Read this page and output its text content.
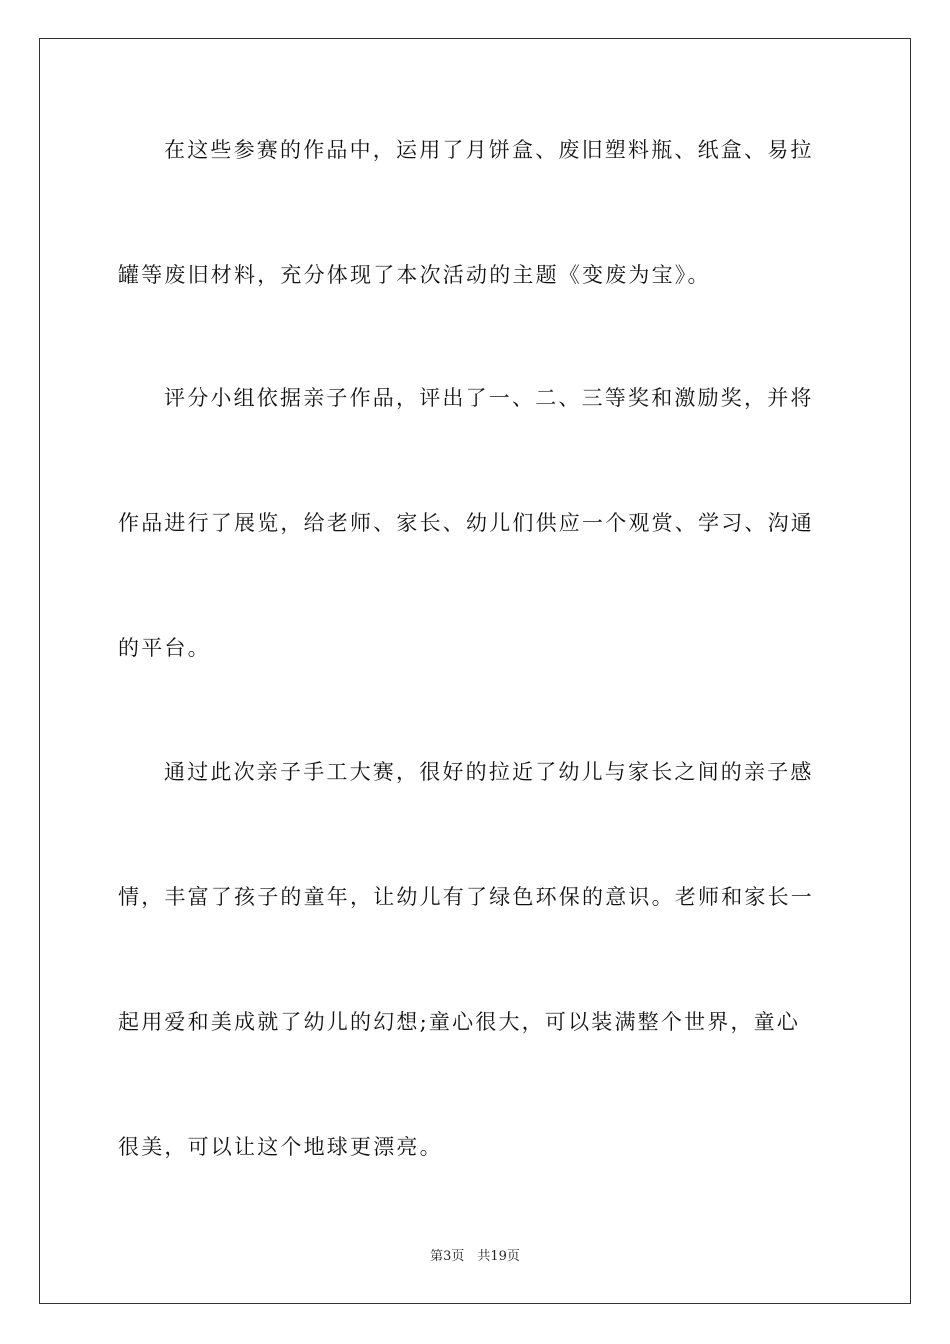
在这些参赛的作品中，运用了月饼盒、废旧塑料瓶、纸盒、易拉
罐等废旧材料，充分体现了本次活动的主题《变废为宝》。
评分小组依据亲子作品，评出了一、二、三等奖和激励奖，并将
作品进行了展览，给老师、家长、幼儿们供应一个观赏、学习、沟通
的平台。
通过此次亲子手工大赛，很好的拉近了幼儿与家长之间的亲子感
情，丰富了孩子的童年，让幼儿有了绿色环保的意识。老师和家长一
起用爱和美成就了幼儿的幻想;童心很大，可以装满整个世界，童心
很美，可以让这个地球更漂亮。
第3页　共19页
